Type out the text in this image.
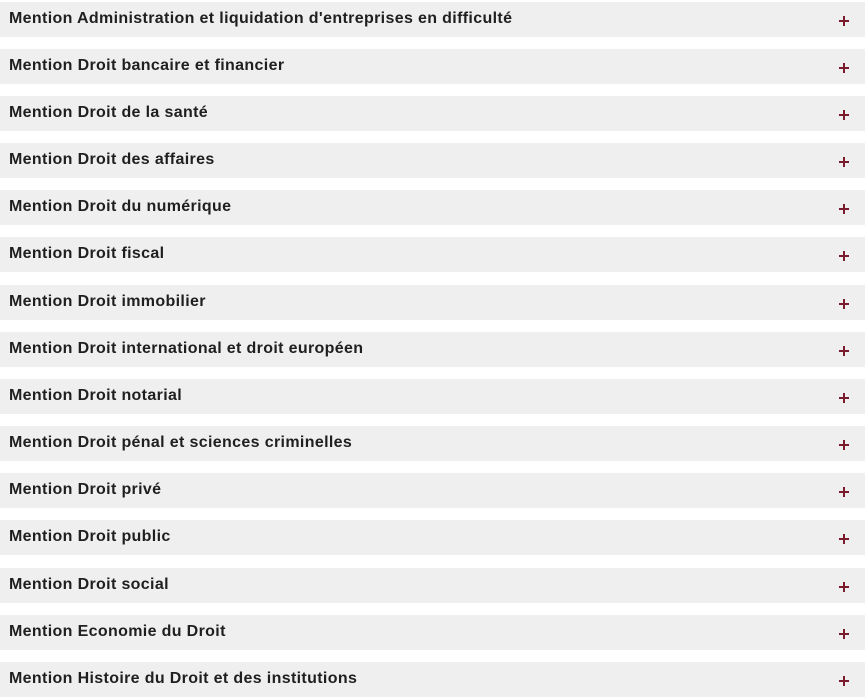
Mention Administration et liquidation d'entreprises en difficulté
Mention Droit bancaire et financier
Mention Droit de la santé
Mention Droit des affaires
Mention Droit du numérique
Mention Droit fiscal
Mention Droit immobilier
Mention Droit international et droit européen
Mention Droit notarial
Mention Droit pénal et sciences criminelles
Mention Droit privé
Mention Droit public
Mention Droit social
Mention Economie du Droit
Mention Histoire du Droit et des institutions
